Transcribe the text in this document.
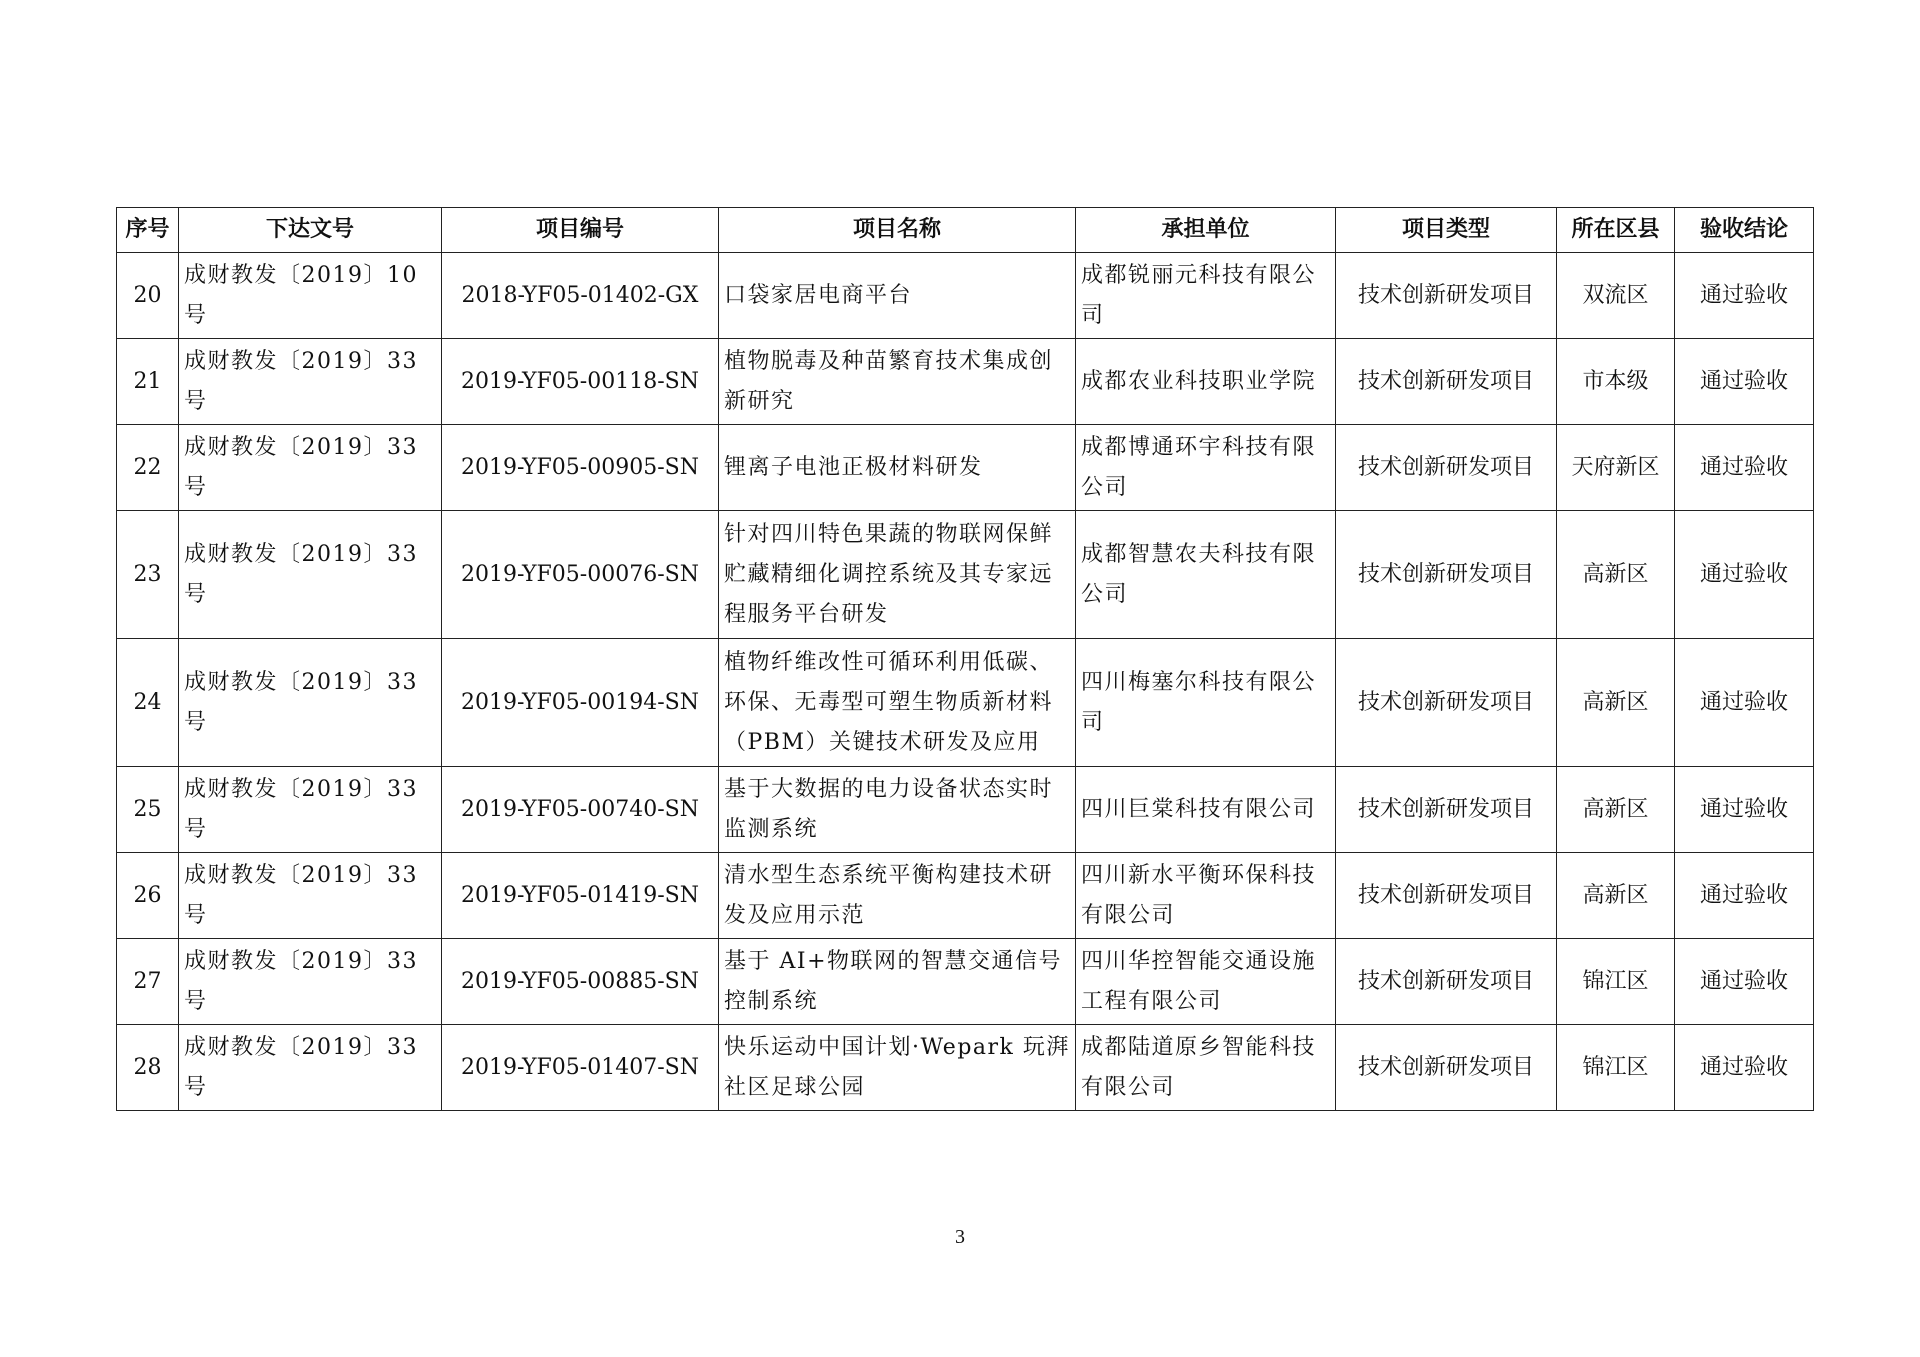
序号	下达文号	项目编号	项目名称	承担单位	项目类型	所在区县	验收结论
20	成财教发〔2019〕10 号	2018-YF05-01402-GX	口袋家居电商平台	成都锐丽元科技有限公司	技术创新研发项目	双流区	通过验收
21	成财教发〔2019〕33 号	2019-YF05-00118-SN	植物脱毒及种苗繁育技术集成创新研究	成都农业科技职业学院	技术创新研发项目	市本级	通过验收
22	成财教发〔2019〕33 号	2019-YF05-00905-SN	锂离子电池正极材料研发	成都博通环宇科技有限公司	技术创新研发项目	天府新区	通过验收
23	成财教发〔2019〕33 号	2019-YF05-00076-SN	针对四川特色果蔬的物联网保鲜贮藏精细化调控系统及其专家远程服务平台研发	成都智慧农夫科技有限公司	技术创新研发项目	高新区	通过验收
24	成财教发〔2019〕33 号	2019-YF05-00194-SN	植物纤维改性可循环利用低碳、环保、无毒型可塑生物质新材料（PBM）关键技术研发及应用	四川梅塞尔科技有限公司	技术创新研发项目	高新区	通过验收
25	成财教发〔2019〕33 号	2019-YF05-00740-SN	基于大数据的电力设备状态实时监测系统	四川巨棠科技有限公司	技术创新研发项目	高新区	通过验收
26	成财教发〔2019〕33 号	2019-YF05-01419-SN	清水型生态系统平衡构建技术研发及应用示范	四川新水平衡环保科技有限公司	技术创新研发项目	高新区	通过验收
27	成财教发〔2019〕33 号	2019-YF05-00885-SN	基于 AI+物联网的智慧交通信号控制系统	四川华控智能交通设施工程有限公司	技术创新研发项目	锦江区	通过验收
28	成财教发〔2019〕33 号	2019-YF05-01407-SN	快乐运动中国计划·Wepark 玩湃社区足球公园	成都陆道原乡智能科技有限公司	技术创新研发项目	锦江区	通过验收
3
